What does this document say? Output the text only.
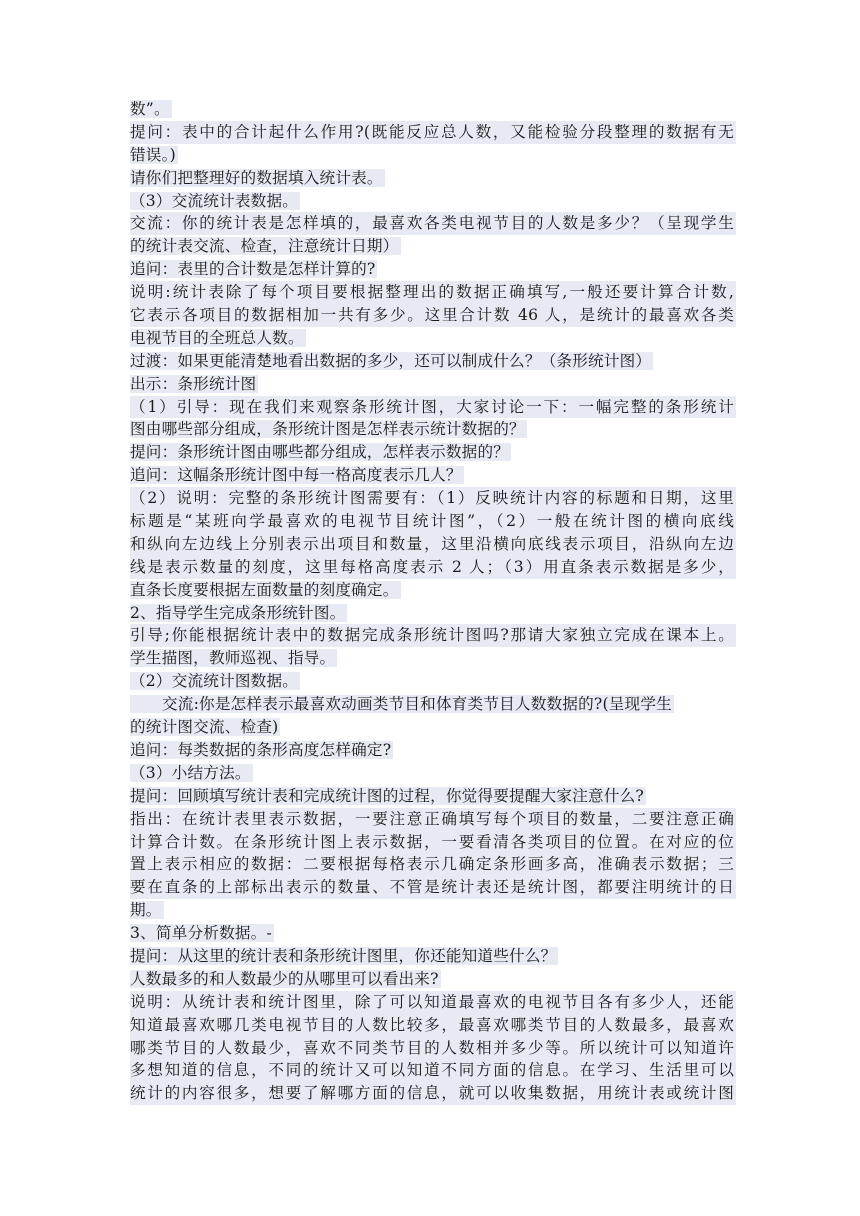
数”。
提问：表中的合计起什么作用?(既能反应总人数，又能检验分段整理的数据有无
错误。)
请你们把整理好的数据填入统计表。
（3）交流统计表数据。
交流：你的统计表是怎样填的，最喜欢各类电视节目的人数是多少？（呈现学生
的统计表交流、检查，注意统计日期）
追问：表里的合计数是怎样计算的?
说明:统计表除了每个项目要根据整理出的数据正确填写,一般还要计算合计数,
它表示各项目的数据相加一共有多少。这里合计数 46 人，是统计的最喜欢各类
电视节目的全班总人数。
过渡：如果更能清楚地看出数据的多少，还可以制成什么？（条形统计图）
出示：条形统计图
（1）引导：现在我们来观察条形统计图，大家讨论一下：一幅完整的条形统计
图由哪些部分组成，条形统计图是怎样表示统计数据的？
提问：条形统计图由哪些都分组成，怎样表示数据的？
追问：这幅条形统计图中每一格高度表示几人？
（2）说明：完整的条形统计图需要有：（1）反映统计内容的标题和日期，这里
标题是“某班向学最喜欢的电视节目统计图”，（2）一般在统计图的横向底线
和纵向左边线上分别表示出项目和数量，这里沿横向底线表示项目，沿纵向左边
线是表示数量的刻度，这里每格高度表示 2 人；（3）用直条表示数据是多少，
直条长度要根据左面数量的刻度确定。
2、指导学生完成条形统针图。
引导;你能根据统计表中的数据完成条形统计图吗?那请大家独立完成在课本上。
学生描图，教师巡视、指导。
（2）交流统计图数据。
交流:你是怎样表示最喜欢动画类节目和体育类节目人数数据的?(呈现学生
的统计图交流、检查)
追问：每类数据的条形高度怎样确定?
（3）小结方法。
提问：回顾填写统计表和完成统计图的过程，你觉得要提醒大家注意什么?
指出：在统计表里表示数据，一要注意正确填写每个项目的数量，二要注意正确
计算合计数。在条形统计图上表示数据，一要看清各类项目的位置。在对应的位
置上表示相应的数据：二要根据每格表示几确定条形画多高，准确表示数据；三
要在直条的上部标出表示的数量、不管是统计表还是统计图，都要注明统计的日
期。
3、简单分析数据。-
提问：从这里的统计表和条形统计图里，你还能知道些什么？
人数最多的和人数最少的从哪里可以看出来?
说明：从统计表和统计图里，除了可以知道最喜欢的电视节目各有多少人，还能
知道最喜欢哪几类电视节目的人数比较多，最喜欢哪类节目的人数最多，最喜欢
哪类节目的人数最少，喜欢不同类节目的人数相并多少等。所以统计可以知道许
多想知道的信息，不同的统计又可以知道不同方面的信息。在学习、生活里可以
统计的内容很多，想要了解哪方面的信息，就可以收集数据，用统计表或统计图
